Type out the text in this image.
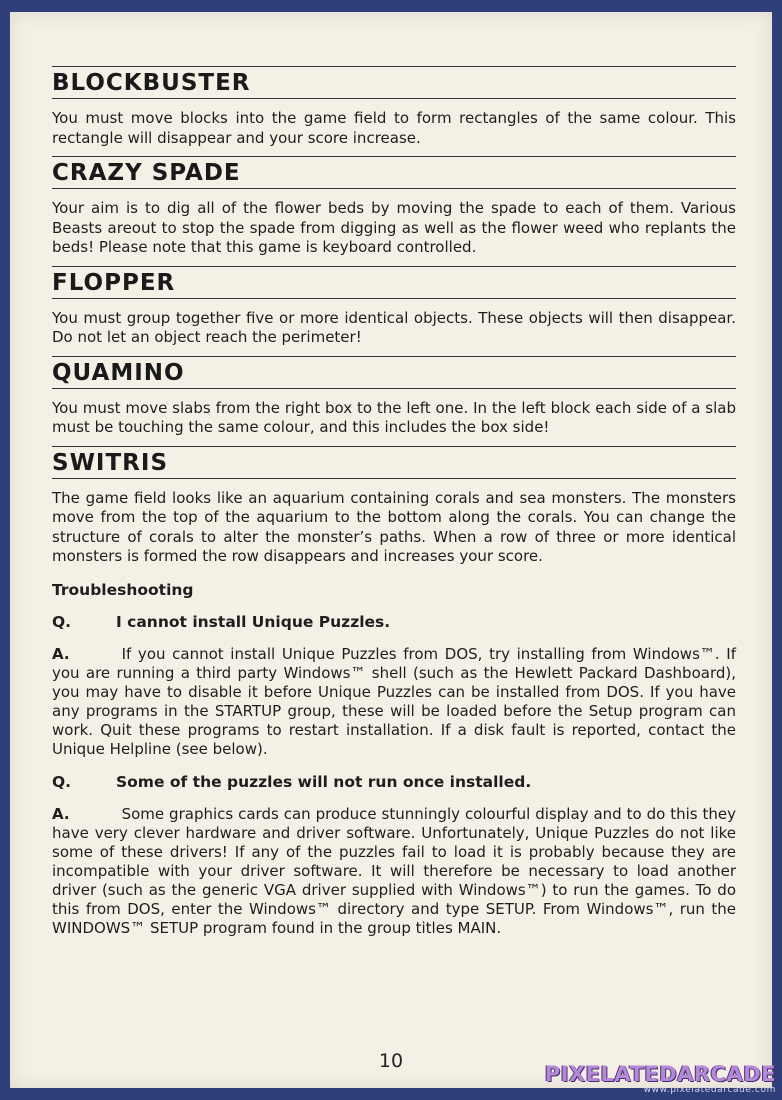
BLOCKBUSTER

You must move blocks into the game field to form rectangles of the same colour. This rectangle will disappear and your score increase.

CRAZY SPADE

Your aim is to dig all of the flower beds by moving the spade to each of them. Various Beasts areout to stop the spade from digging as well as the flower weed who replants the beds! Please note that this game is keyboard controlled.

FLOPPER

You must group together five or more identical objects. These objects will then disappear. Do not let an object reach the perimeter!

QUAMINO

You must move slabs from the right box to the left one. In the left block each side of a slab must be touching the same colour, and this includes the box side!

SWITRIS

The game field looks like an aquarium containing corals and sea monsters. The monsters move from the top of the aquarium to the bottom along the corals. You can change the structure of corals to alter the monster’s paths. When a row of three or more identical monsters is formed the row disappears and increases your score.

Troubleshooting
Q.	I cannot install Unique Puzzles.

A.	If you cannot install Unique Puzzles from DOS, try installing from Windows™. If you are running a third party Windows™ shell (such as the Hewlett Packard Dashboard), you may have to disable it before Unique Puzzles can be installed from DOS. If you have any programs in the STARTUP group, these will be loaded before the Setup program can work. Quit these programs to restart installation. If a disk fault is reported, contact the Unique Helpline (see below).

Q.	Some of the puzzles will not run once installed.

A.	Some graphics cards can produce stunningly colourful display and to do this they have very clever hardware and driver software. Unfortunately, Unique Puzzles do not like some of these drivers! If any of the puzzles fail to load it is probably because they are incompatible with your driver software. It will therefore be necessary to load another driver (such as the generic VGA driver supplied with Windows™) to run the games. To do this from DOS, enter the Windows™ directory and type SETUP. From Windows™, run the WINDOWS™ SETUP program found in the group titles MAIN.

10
PIXELATEDARCADE
www.pixelatedarcade.com
